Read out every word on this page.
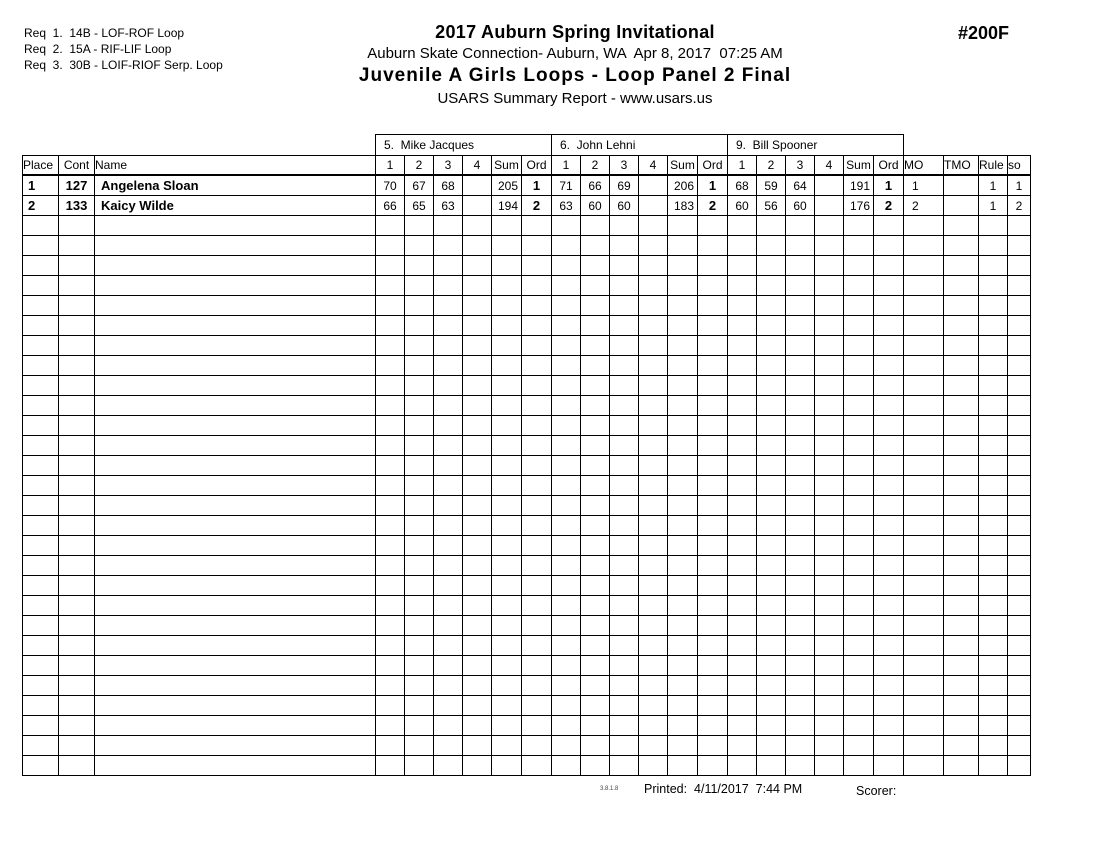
Req  1.  14B - LOF-ROF Loop
Req  2.  15A - RIF-LIF Loop
Req  3.  30B - LOIF-RIOF Serp. Loop
#200F
2017 Auburn Spring Invitational
Auburn Skate Connection- Auburn, WA  Apr 8, 2017  07:25 AM
Juvenile A Girls Loops - Loop Panel 2 Final
USARS Summary Report - www.usars.us
			5.  Mike Jacques						6.  John Lehni						9.  Bill Spooner									
Place	Cont	Name	1	2	3	4	Sum	Ord	1	2	3	4	Sum	Ord	1	2	3	4	Sum	Ord	MO	TMO	Rule	so
1	127	Angelena Sloan	70	67	68		205	1	71	66	69		206	1	68	59	64		191	1	1		1	1
2	133	Kaicy Wilde	66	65	63		194	2	63	60	60		183	2	60	56	60		176	2	2		1	2

3.8.1.8 Printed:  4/11/2017  7:44 PM	Scorer:
